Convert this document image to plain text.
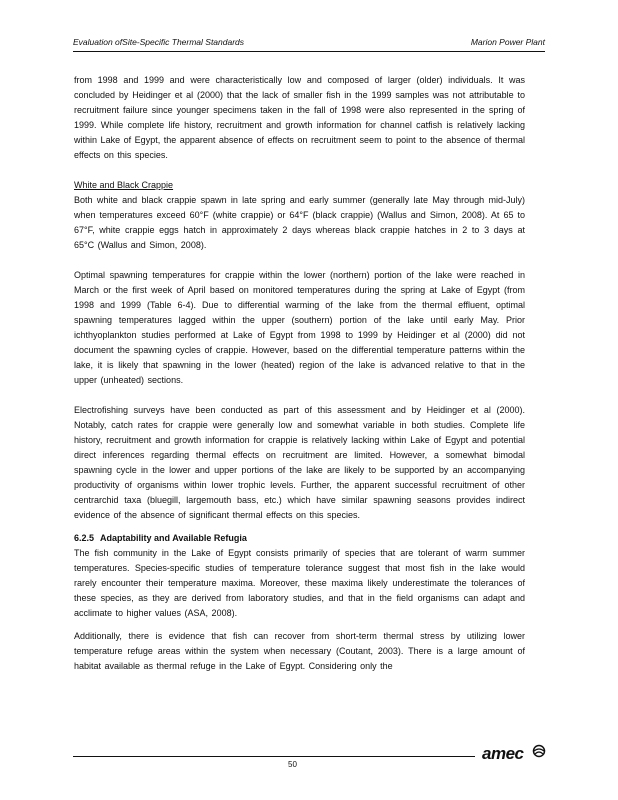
Evaluation ofSite-Specific Thermal Standards	Marion Power Plant

from 1998 and 1999 and were characteristically low and composed of larger (older) individuals. It was concluded by Heidinger et al (2000) that the lack of smaller fish in the 1999 samples was not attributable to recruitment failure since younger specimens taken in the fall of 1998 were also represented in the spring of 1999. While complete life history, recruitment and growth information for channel catfish is relatively lacking within Lake of Egypt, the apparent absence of effects on recruitment seem to point to the absence of thermal effects on this species.

White and Black Crappie

Both white and black crappie spawn in late spring and early summer (generally late May through mid-July) when temperatures exceed 60°F (white crappie) or 64°F (black crappie) (Wallus and Simon, 2008). At 65 to 67°F, white crappie eggs hatch in approximately 2 days whereas black crappie hatches in 2 to 3 days at 65°C (Wallus and Simon, 2008).

Optimal spawning temperatures for crappie within the lower (northern) portion of the lake were reached in March or the first week of April based on monitored temperatures during the spring at Lake of Egypt (from 1998 and 1999 (Table 6-4). Due to differential warming of the lake from the thermal effluent, optimal spawning temperatures lagged within the upper (southern) portion of the lake until early May. Prior ichthyoplankton studies performed at Lake of Egypt from 1998 to 1999 by Heidinger et al (2000) did not document the spawning cycles of crappie. However, based on the differential temperature patterns within the lake, it is likely that spawning in the lower (heated) region of the lake is advanced relative to that in the upper (unheated) sections.

Electrofishing surveys have been conducted as part of this assessment and by Heidinger et al (2000). Notably, catch rates for crappie were generally low and somewhat variable in both studies. Complete life history, recruitment and growth information for crappie is relatively lacking within Lake of Egypt and potential direct inferences regarding thermal effects on recruitment are limited. However, a somewhat bimodal spawning cycle in the lower and upper portions of the lake are likely to be supported by an accompanying productivity of organisms within lower trophic levels. Further, the apparent successful recruitment of other centrarchid taxa (bluegill, largemouth bass, etc.) which have similar spawning seasons provides indirect evidence of the absence of significant thermal effects on this species.

6.2.5 Adaptability and Available Refugia

The fish community in the Lake of Egypt consists primarily of species that are tolerant of warm summer temperatures. Species-specific studies of temperature tolerance suggest that most fish in the lake would rarely encounter their temperature maxima. Moreover, these maxima likely underestimate the tolerances of these species, as they are derived from laboratory studies, and that in the field organisms can adapt and acclimate to higher values (ASA, 2008).

Additionally, there is evidence that fish can recover from short-term thermal stress by utilizing lower temperature refuge areas within the system when necessary (Coutant, 2003). There is a large amount of habitat available as thermal refuge in the Lake of Egypt. Considering only the

50
amec
